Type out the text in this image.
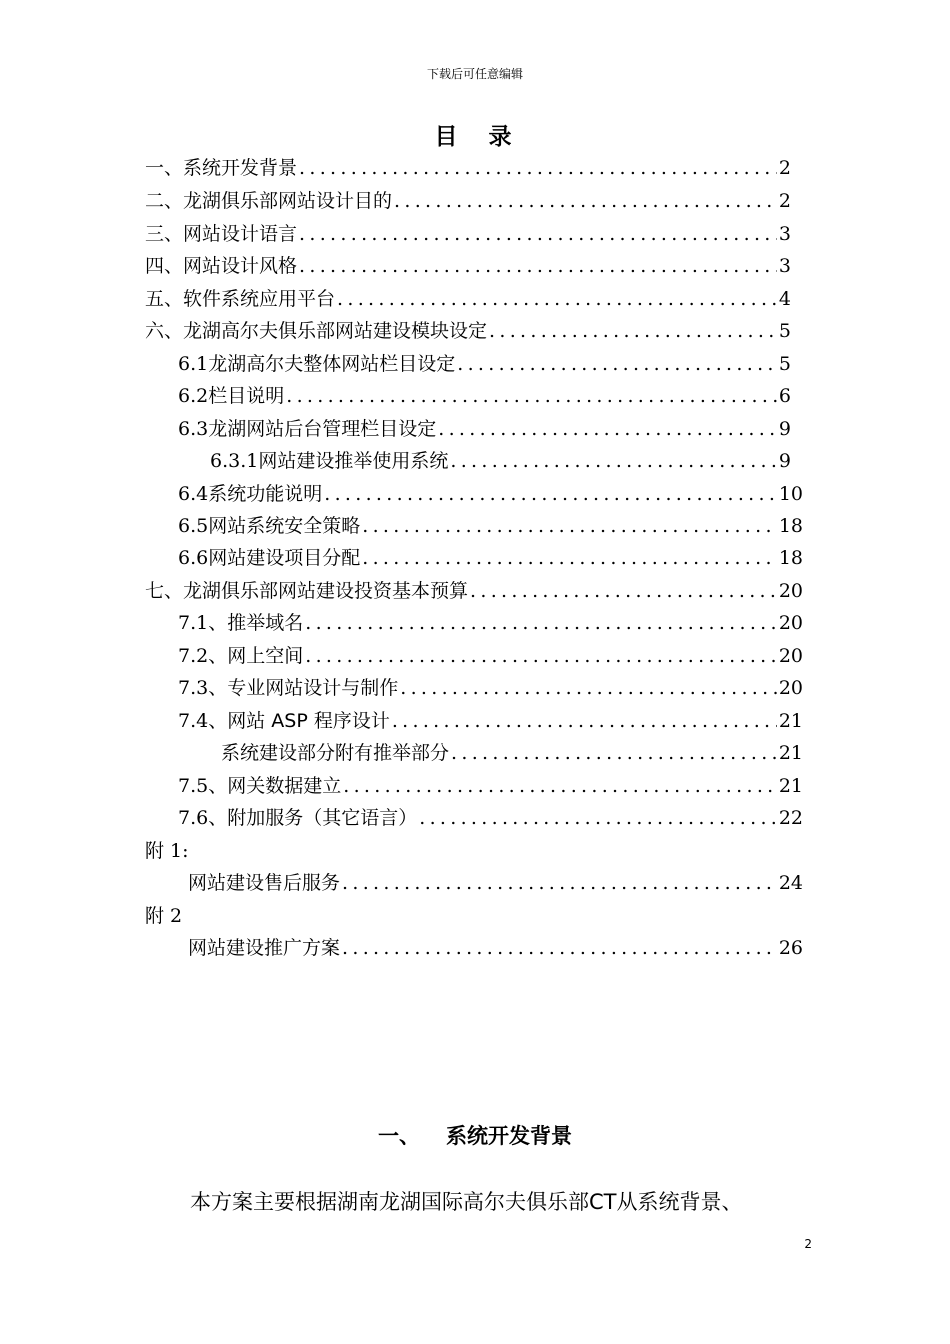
下载后可任意编辑
目　录
一、 系统开发背景 .....	2
二、 龙湖俱乐部网站设计目的 .....	2
三、 网站设计语言 .....	3
四、 网站设计风格 .....	3
五、 软件系统应用平台 .....	4
六、 龙湖高尔夫俱乐部网站建设模块设定 .....	5
6.1 龙湖高尔夫整体网站栏目设定 .....	5
6.2 栏目说明 .....	6
6.3 龙湖网站后台管理栏目设定 .....	9
6.3.1 网站建设推举使用系统 .....	9
6.4 系统功能说明 .....	10
6.5 网站系统安全策略 .....	18
6.6 网站建设项目分配 .....	18
七、 龙湖俱乐部网站建设投资基本预算 .....	20
7.1、 推举域名 .....	20
7.2、 网上空间 .....	20
7.3、 专业网站设计与制作 .....	20
7.4、 网站 ASP 程序设计 .....	21
系统建设部分附有推举部分 .....	21
7.5、 网关数据建立 .....	21
7.6、 附加服务（其它语言） .....	22
附 1:
网站建设售后服务 .....	24
附 2
网站建设推广方案 .....	26
一、 系统开发背景
本方案主要根据湖南龙湖国际高尔夫俱乐部CT从系统背景、
2
